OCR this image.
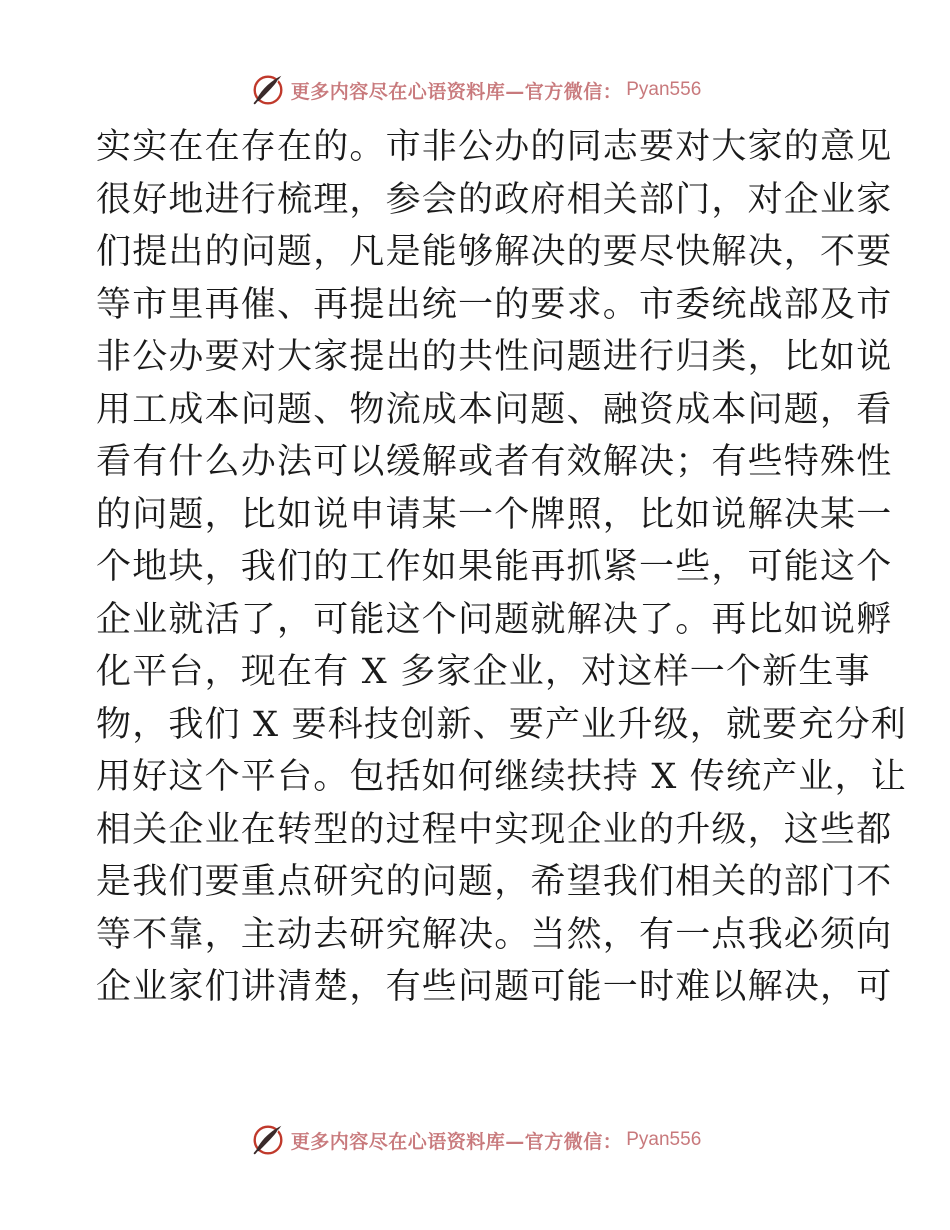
更多内容尽在心语资料库—官方微信： Pyan556
实实在在存在的。市非公办的同志要对大家的意见
很好地进行梳理，参会的政府相关部门，对企业家
们提出的问题，凡是能够解决的要尽快解决，不要
等市里再催、再提出统一的要求。市委统战部及市
非公办要对大家提出的共性问题进行归类，比如说
用工成本问题、物流成本问题、融资成本问题，看
看有什么办法可以缓解或者有效解决；有些特殊性
的问题，比如说申请某一个牌照，比如说解决某一
个地块，我们的工作如果能再抓紧一些，可能这个
企业就活了，可能这个问题就解决了。再比如说孵
化平台，现在有 X 多家企业，对这样一个新生事
物，我们 X 要科技创新、要产业升级，就要充分利
用好这个平台。包括如何继续扶持 X 传统产业，让
相关企业在转型的过程中实现企业的升级，这些都
是我们要重点研究的问题，希望我们相关的部门不
等不靠，主动去研究解决。当然，有一点我必须向
企业家们讲清楚，有些问题可能一时难以解决，可
更多内容尽在心语资料库—官方微信： Pyan556
